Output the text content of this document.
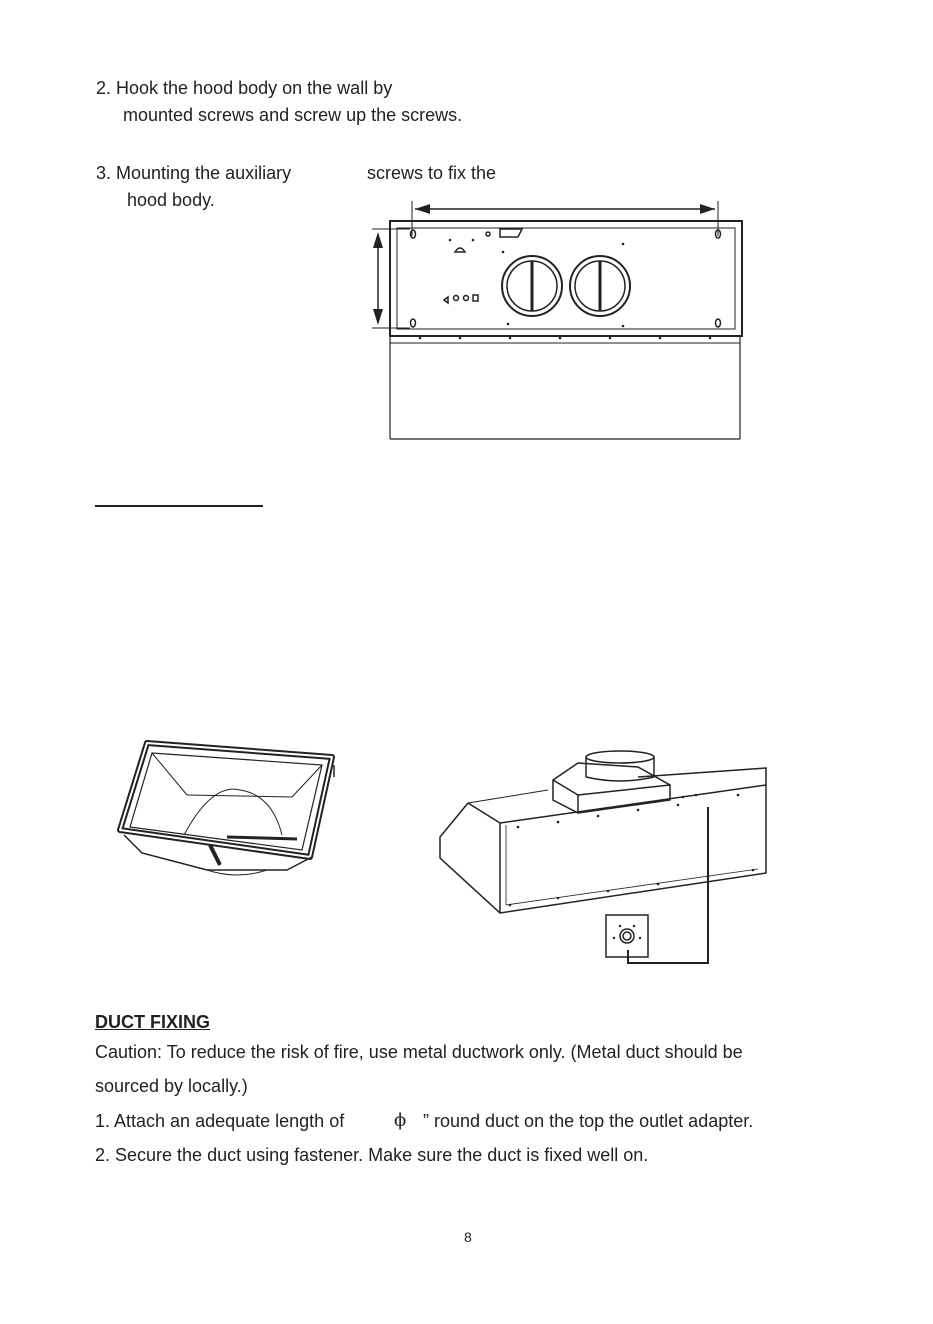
2. Hook the hood body on the wall by
mounted screws and screw up the screws.
3. Mounting the auxiliary	screws to fix the
hood body.
DUCT FIXING
Caution: To reduce the risk of fire, use metal ductwork only. (Metal duct should be
sourced by locally.)
1. Attach an adequate length of	ϕ ” round duct on the top the outlet adapter.
2. Secure the duct using fastener. Make sure the duct is fixed well on.
8
